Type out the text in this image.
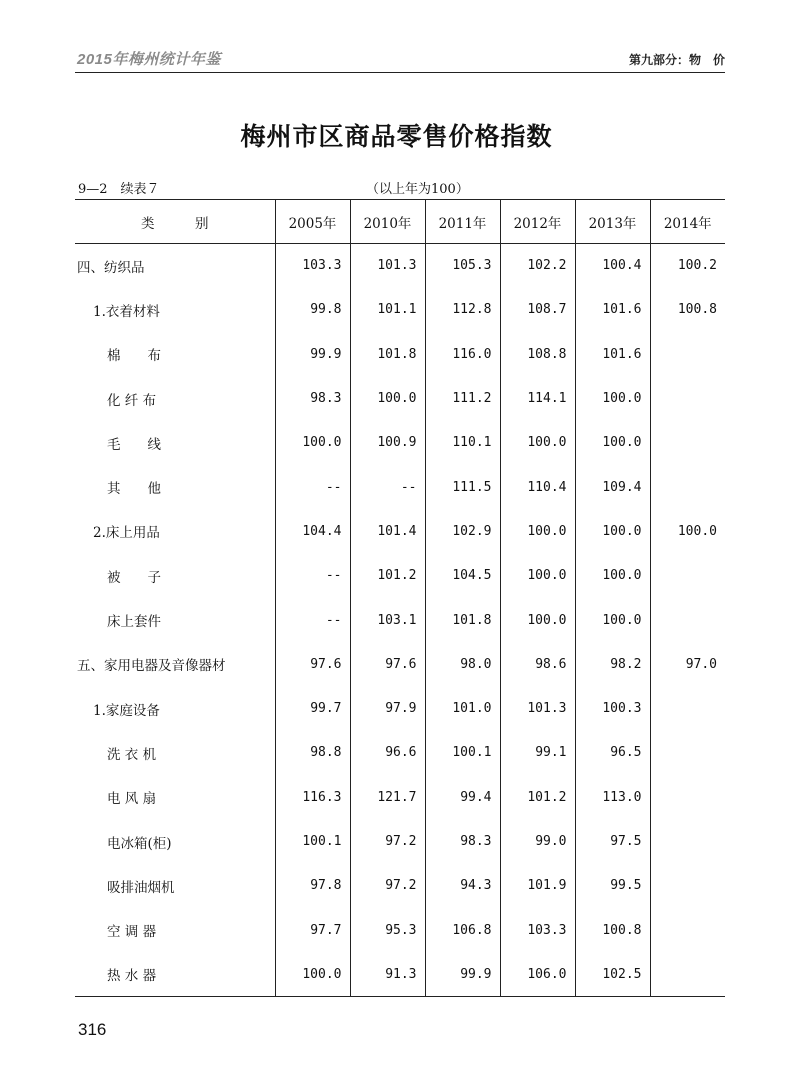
2015年梅州统计年鉴	第九部分：物　价
梅州市区商品零售价格指数
9—2　续表７	（以上年为100）
类　　　别	2005年	2010年	2011年	2012年	2013年	2014年
四、纺织品	103.3	101.3	105.3	102.2	100.4	100.2
1.衣着材料	99.8	101.1	112.8	108.7	101.6	100.8
棉　　布	99.9	101.8	116.0	108.8	101.6	
化 纤 布	98.3	100.0	111.2	114.1	100.0	
毛　　线	100.0	100.9	110.1	100.0	100.0	
其　　他	--	--	111.5	110.4	109.4	
2.床上用品	104.4	101.4	102.9	100.0	100.0	100.0
被　　子	--	101.2	104.5	100.0	100.0	
床上套件	--	103.1	101.8	100.0	100.0	
五、家用电器及音像器材	97.6	97.6	98.0	98.6	98.2	97.0
1.家庭设备	99.7	97.9	101.0	101.3	100.3	
洗 衣 机	98.8	96.6	100.1	99.1	96.5	
电 风 扇	116.3	121.7	99.4	101.2	113.0	
电冰箱(柜)	100.1	97.2	98.3	99.0	97.5	
吸排油烟机	97.8	97.2	94.3	101.9	99.5	
空 调 器	97.7	95.3	106.8	103.3	100.8	
热 水 器	100.0	91.3	99.9	106.0	102.5	
316
